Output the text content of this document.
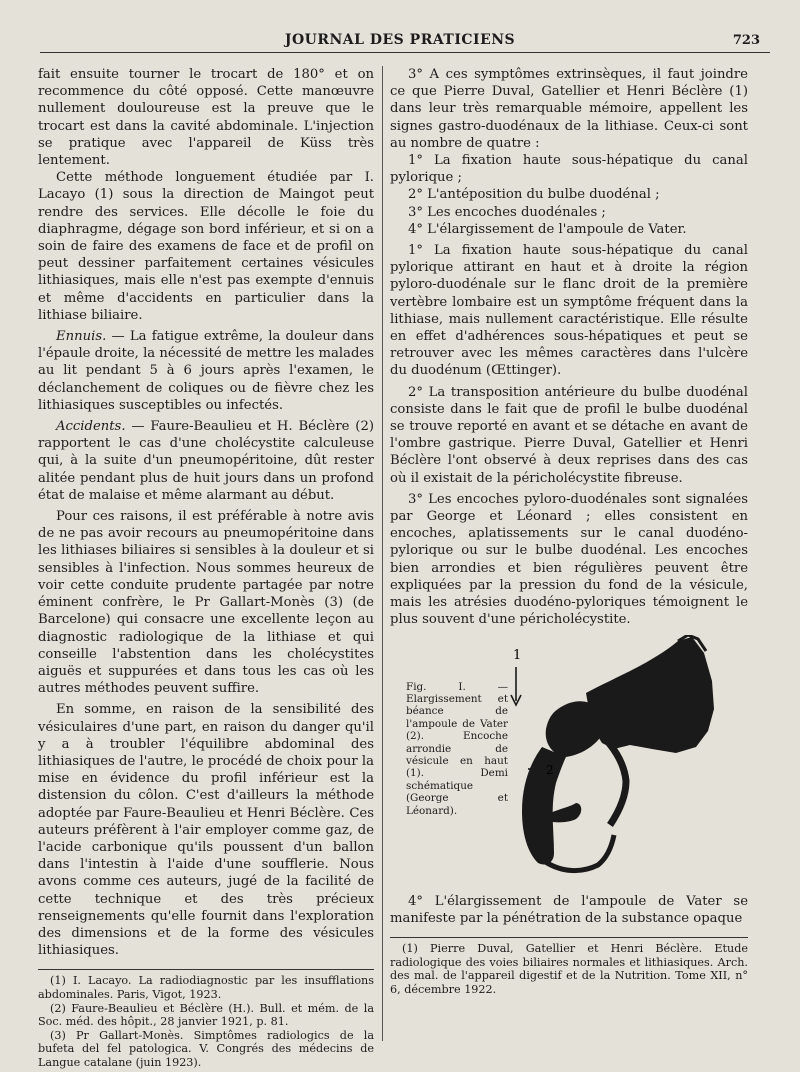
JOURNAL DES PRATICIENS	723

fait ensuite tourner le trocart de 180° et on recommence du côté opposé. Cette manœuvre nullement douloureuse est la preuve que le trocart est dans la cavité abdominale. L'injection se pratique avec l'appareil de Küss très lentement.

Cette méthode longuement étudiée par I. Lacayo (1) sous la direction de Maingot peut rendre des services. Elle décolle le foie du diaphragme, dégage son bord inférieur, et si on a soin de faire des examens de face et de profil on peut dessiner parfaitement certaines vésicules lithiasiques, mais elle n'est pas exempte d'ennuis et même d'accidents en particulier dans la lithiase biliaire.

Ennuis. — La fatigue extrême, la douleur dans l'épaule droite, la nécessité de mettre les malades au lit pendant 5 à 6 jours après l'examen, le déclanchement de coliques ou de fièvre chez les lithiasiques susceptibles ou infectés.

Accidents. — Faure-Beaulieu et H. Béclère (2) rapportent le cas d'une cholécystite calculeuse qui, à la suite d'un pneumopéritoine, dût rester alitée pendant plus de huit jours dans un profond état de malaise et même alarmant au début.

Pour ces raisons, il est préférable à notre avis de ne pas avoir recours au pneumopéritoine dans les lithiases biliaires si sensibles à la douleur et si sensibles à l'infection. Nous sommes heureux de voir cette conduite prudente partagée par notre éminent confrère, le Pr Gallart-Monès (3) (de Barcelone) qui consacre une excellente leçon au diagnostic radiologique de la lithiase et qui conseille l'abstention dans les cholécystites aiguës et suppurées et dans tous les cas où les autres méthodes peuvent suffire.

En somme, en raison de la sensibilité des vésiculaires d'une part, en raison du danger qu'il y a à troubler l'équilibre abdominal des lithiasiques de l'autre, le procédé de choix pour la mise en évidence du profil inférieur est la distension du côlon. C'est d'ailleurs la méthode adoptée par Faure-Beaulieu et Henri Béclère. Ces auteurs préfèrent à l'air employer comme gaz, de l'acide carbonique qu'ils poussent d'un ballon dans l'intestin à l'aide d'une soufflerie. Nous avons comme ces auteurs, jugé de la facilité de cette technique et des très précieux renseignements qu'elle fournit dans l'exploration des dimensions et de la forme des vésicules lithiasiques.

(1) I. Lacayo. La radiodiagnostic par les insufflations abdominales. Paris, Vigot, 1923.

(2) Faure-Beaulieu et Béclère (H.). Bull. et mém. de la Soc. méd. des hôpit., 28 janvier 1921, p. 81.

(3) Pr Gallart-Monès. Simptômes radiologics de la bufeta del fel patologica. V. Congrés des médecins de Langue catalane (juin 1923).

3° A ces symptômes extrinsèques, il faut joindre ce que Pierre Duval, Gatellier et Henri Béclère (1) dans leur très remarquable mémoire, appellent les signes gastro-duodénaux de la lithiase. Ceux-ci sont au nombre de quatre :

1° La fixation haute sous-hépatique du canal pylorique ;

2° L'antéposition du bulbe duodénal ;

3° Les encoches duodénales ;

4° L'élargissement de l'ampoule de Vater.

1° La fixation haute sous-hépatique du canal pylorique attirant en haut et à droite la région pyloro-duodénale sur le flanc droit de la première vertèbre lombaire est un symptôme fréquent dans la lithiase, mais nullement caractéristique. Elle résulte en effet d'adhérences sous-hépatiques et peut se retrouver avec les mêmes caractères dans l'ulcère du duodénum (Œttinger).

2° La transposition antérieure du bulbe duodénal consiste dans le fait que de profil le bulbe duodénal se trouve reporté en avant et se détache en avant de l'ombre gastrique. Pierre Duval, Gatellier et Henri Béclère l'ont observé à deux reprises dans des cas où il existait de la péricholécystite fibreuse.

3° Les encoches pyloro-duodénales sont signalées par George et Léonard ; elles consistent en encoches, aplatissements sur le canal duodéno-pylorique ou sur le bulbe duodénal. Les encoches bien arrondies et bien régulières peuvent être expliquées par la pression du fond de la vésicule, mais les atrésies duodéno-pyloriques témoignent le plus souvent d'une péricholécystite.

Fig. I. — Elargissement et béance de l'ampoule de Vater (2). Encoche arrondie de vésicule en haut (1). Demi schématique (George et Léonard).
1
2

4° L'élargissement de l'ampoule de Vater se manifeste par la pénétration de la substance opaque

(1) Pierre Duval, Gatellier et Henri Béclère. Etude radiologique des voies biliaires normales et lithiasiques. Arch. des mal. de l'appareil digestif et de la Nutrition. Tome XII, n° 6, décembre 1922.
